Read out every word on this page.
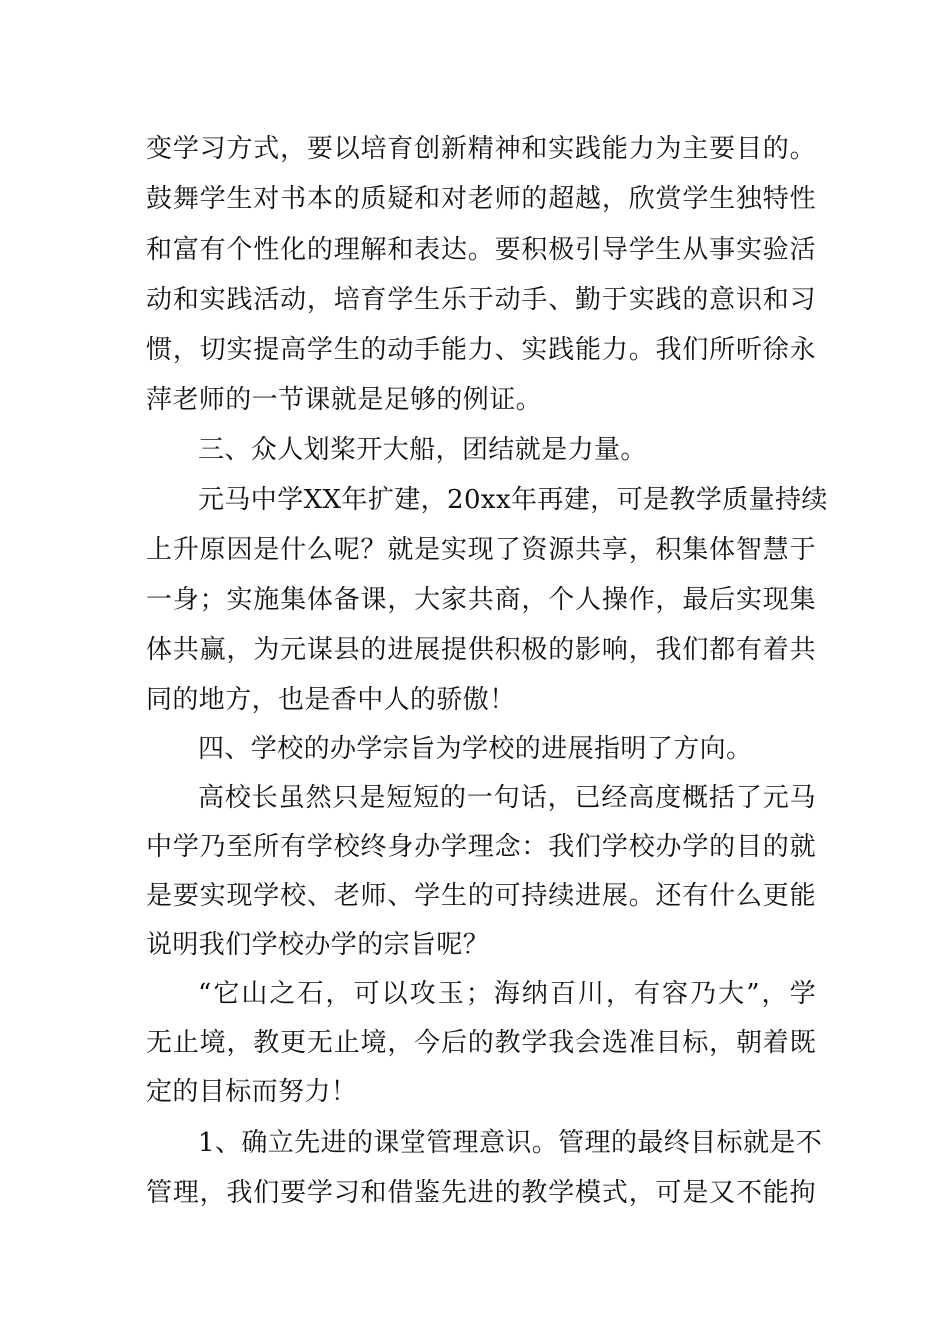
变学习方式，要以培育创新精神和实践能力为主要目的。
鼓舞学生对书本的质疑和对老师的超越，欣赏学生独特性
和富有个性化的理解和表达。要积极引导学生从事实验活
动和实践活动，培育学生乐于动手、勤于实践的意识和习
惯，切实提高学生的动手能力、实践能力。我们所听徐永
萍老师的一节课就是足够的例证。
三、众人划桨开大船，团结就是力量。
元马中学XX年扩建，20xx年再建，可是教学质量持续
上升原因是什么呢？就是实现了资源共享，积集体智慧于
一身；实施集体备课，大家共商，个人操作，最后实现集
体共赢，为元谋县的进展提供积极的影响，我们都有着共
同的地方，也是香中人的骄傲！
四、学校的办学宗旨为学校的进展指明了方向。
高校长虽然只是短短的一句话，已经高度概括了元马
中学乃至所有学校终身办学理念：我们学校办学的目的就
是要实现学校、老师、学生的可持续进展。还有什么更能
说明我们学校办学的宗旨呢？
“它山之石，可以攻玉；海纳百川，有容乃大”，学
无止境，教更无止境，今后的教学我会选准目标，朝着既
定的目标而努力！
1、确立先进的课堂管理意识。管理的最终目标就是不
管理，我们要学习和借鉴先进的教学模式，可是又不能拘
